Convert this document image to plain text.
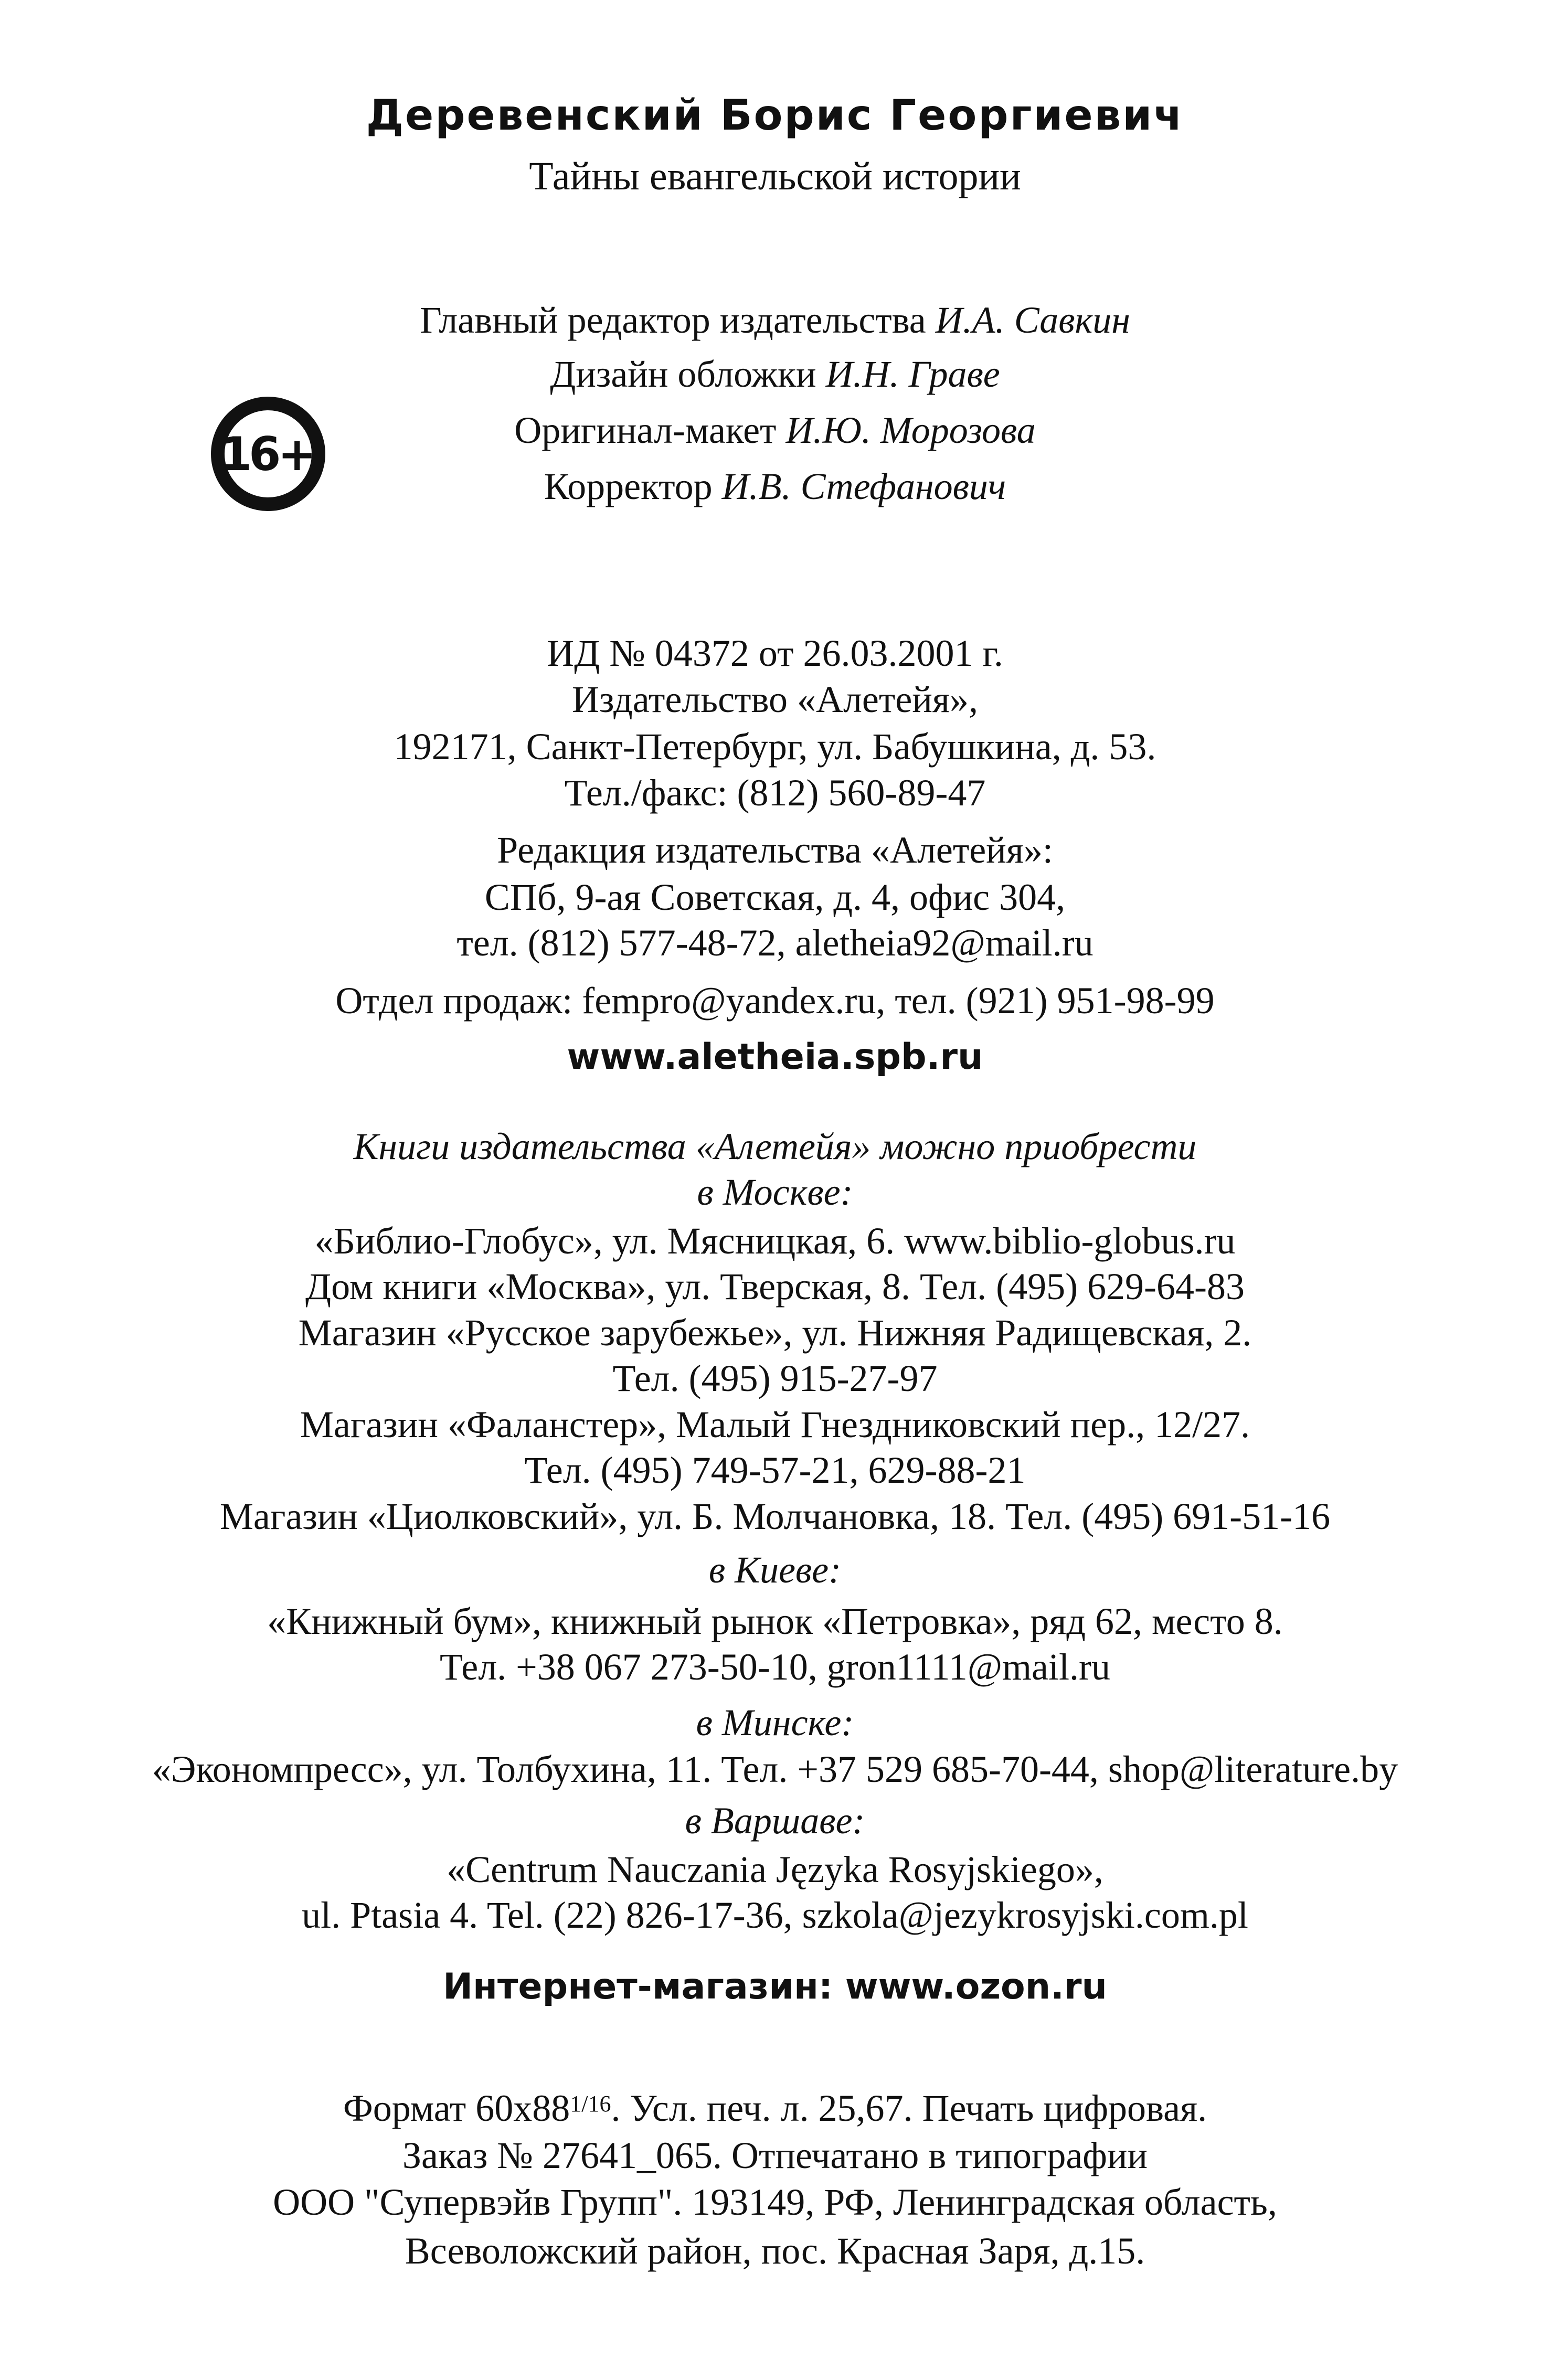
Деревенский Борис Георгиевич
Тайны евангельской истории
16+
Главный редактор издательства И.А. Савкин
Дизайн обложки И.Н. Граве
Оригинал-макет И.Ю. Морозова
Корректор И.В. Стефанович
ИД № 04372 от 26.03.2001 г.
Издательство «Алетейя»,
192171, Санкт-Петербург, ул. Бабушкина, д. 53.
Тел./факс: (812) 560-89-47
Редакция издательства «Алетейя»:
СПб, 9-ая Советская, д. 4, офис 304,
тел. (812) 577-48-72, aletheia92@mail.ru
Отдел продаж: fempro@yandex.ru, тел. (921) 951-98-99
www.aletheia.spb.ru
Книги издательства «Алетейя» можно приобрести
в Москве:
«Библио-Глобус», ул. Мясницкая, 6. www.biblio-globus.ru
Дом книги «Москва», ул. Тверская, 8. Тел. (495) 629-64-83
Магазин «Русское зарубежье», ул. Нижняя Радищевская, 2.
Тел. (495) 915-27-97
Магазин «Фаланстер», Малый Гнездниковский пер., 12/27.
Тел. (495) 749-57-21, 629-88-21
Магазин «Циолковский», ул. Б. Молчановка, 18. Тел. (495) 691-51-16
в Киеве:
«Книжный бум», книжный рынок «Петровка», ряд 62, место 8.
Тел. +38 067 273-50-10, gron1111@mail.ru
в Минске:
«Экономпресс», ул. Толбухина, 11. Тел. +37 529 685-70-44, shop@literature.by
в Варшаве:
«Centrum Nauczania Języka Rosyjskiego»,
ul. Ptasia 4. Tel. (22) 826-17-36, szkola@jezykrosyjski.com.pl
Интернет-магазин: www.ozon.ru
Формат $60х88^{1/16}$. Усл. печ. л. 25,67. Печать цифровая.
Заказ № 27641_065. Отпечатано в типографии
ООО "Супервэйв Групп". 193149, РФ, Ленинградская область,
Всеволожский район, пос. Красная Заря, д.15.
